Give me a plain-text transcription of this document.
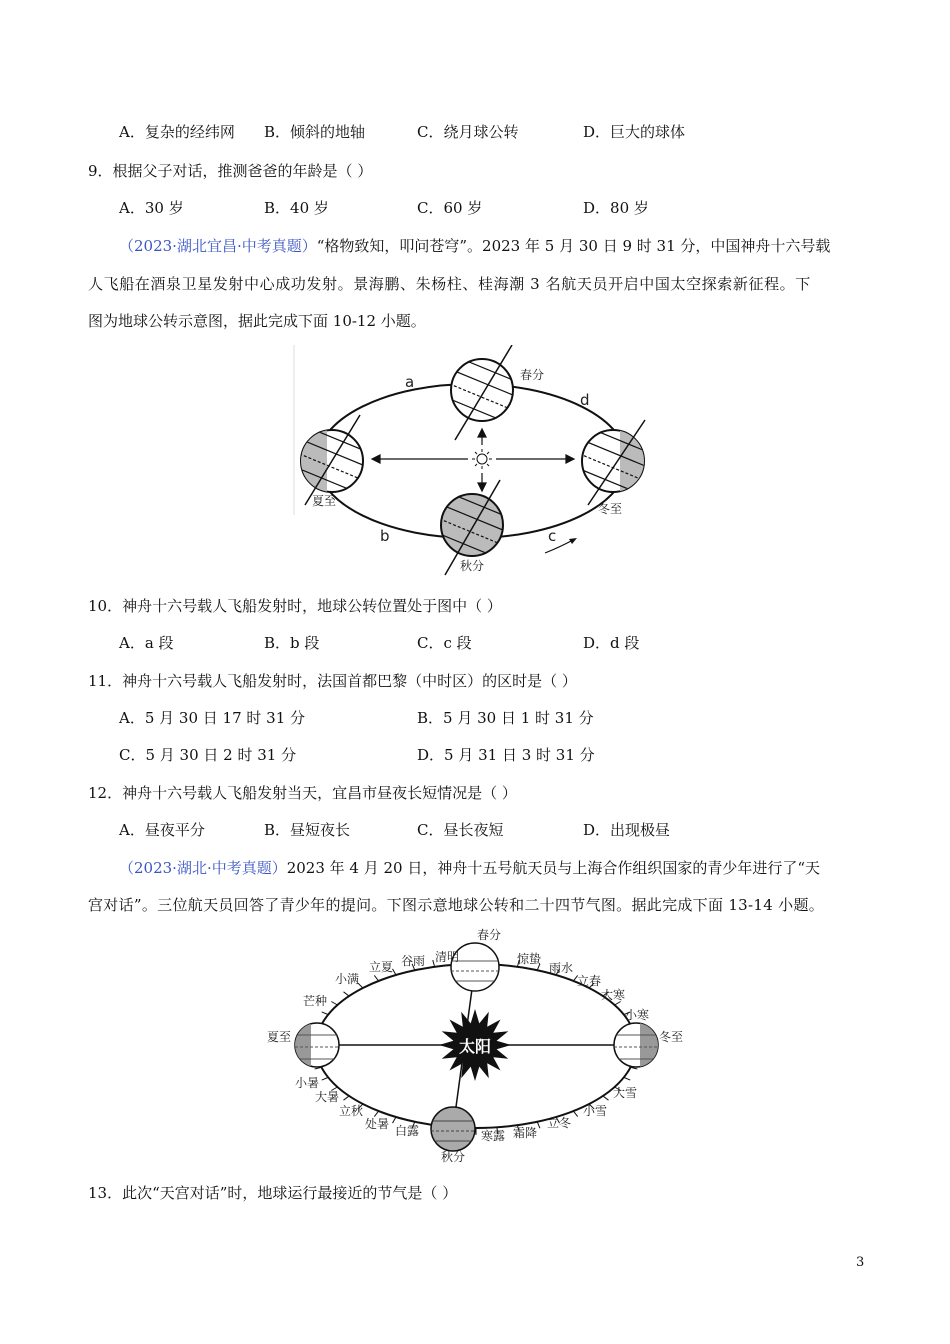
A．复杂的经纬网 B．倾斜的地轴	C．绕月球公转	D．巨大的球体
9．根据父子对话，推测爸爸的年龄是（ ）
A．30 岁	B．40 岁	C．60 岁	D．80 岁
（2023·湖北宜昌·中考真题）“格物致知，叩问苍穹”。2023 年 5 月 30 日 9 时 31 分，中国神舟十六号载
人飞船在酒泉卫星发射中心成功发射。景海鹏、朱杨柱、桂海潮 3 名航天员开启中国太空探索新征程。下
图为地球公转示意图，据此完成下面 10-12 小题。
a
b	c
d
春分
夏至
秋分
冬至
10．神舟十六号载人飞船发射时，地球公转位置处于图中（ ）
A．a 段	B．b 段	C．c 段	D．d 段
11．神舟十六号载人飞船发射时，法国首都巴黎（中时区）的区时是（ ）
A．5 月 30 日 17 时 31 分	B．5 月 30 日 1 时 31 分
C．5 月 30 日 2 时 31 分	D．5 月 31 日 3 时 31 分
12．神舟十六号载人飞船发射当天，宜昌市昼夜长短情况是（ ）
A．昼夜平分	B．昼短夜长	C．昼长夜短	D．出现极昼
（2023·湖北·中考真题）2023 年 4 月 20 日，神舟十五号航天员与上海合作组织国家的青少年进行了“天
宫对话”。三位航天员回答了青少年的提问。下图示意地球公转和二十四节气图。据此完成下面 13-14 小题。
太阳
春分
惊蛰
雨水
立春
大寒
小寒
冬至
大雪
小雪
立冬
霜降
寒露
秋分
白露
处暑
立秋
大暑
小暑
夏至
芒种
小满
立夏 谷雨 清明
13．此次“天宫对话”时，地球运行最接近的节气是（ ）
3
